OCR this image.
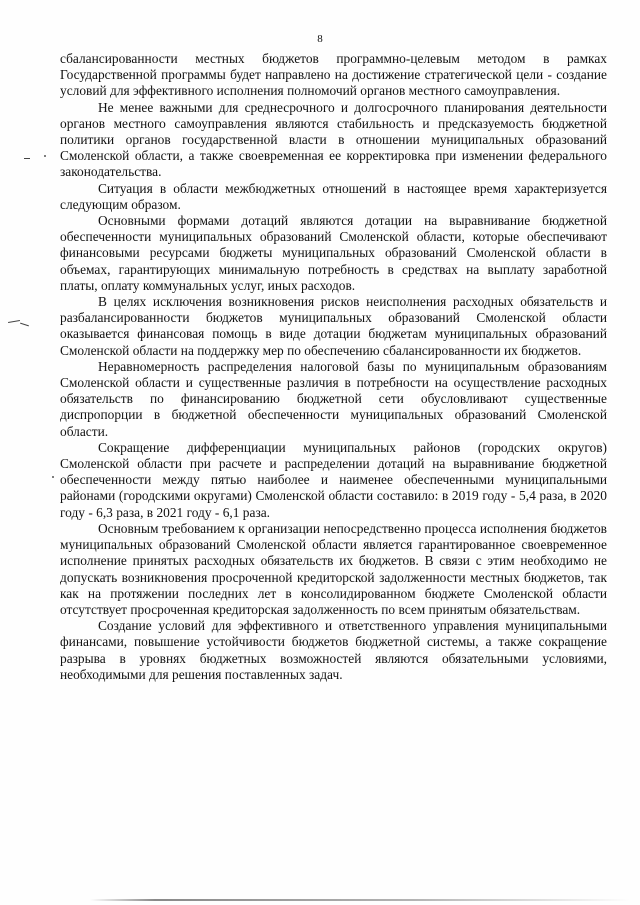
8

сбалансированности местных бюджетов программно-целевым методом в рамках Государственной программы будет направлено на достижение стратегической цели - создание условий для эффективного исполнения полномочий органов местного самоуправления.

Не менее важными для среднесрочного и долгосрочного планирования деятельности органов местного самоуправления являются стабильность и предсказуемость бюджетной политики органов государственной власти в отношении муниципальных образований Смоленской области, а также своевременная ее корректировка при изменении федерального законодательства.

Ситуация в области межбюджетных отношений в настоящее время характеризуется следующим образом.

Основными формами дотаций являются дотации на выравнивание бюджетной обеспеченности муниципальных образований Смоленской области, которые обеспечивают финансовыми ресурсами бюджеты муниципальных образований Смоленской области в объемах, гарантирующих минимальную потребность в средствах на выплату заработной платы, оплату коммунальных услуг, иных расходов.

В целях исключения возникновения рисков неисполнения расходных обязательств и разбалансированности бюджетов муниципальных образований Смоленской области оказывается финансовая помощь в виде дотации бюджетам муниципальных образований Смоленской области на поддержку мер по обеспечению сбалансированности их бюджетов.

Неравномерность распределения налоговой базы по муниципальным образованиям Смоленской области и существенные различия в потребности на осуществление расходных обязательств по финансированию бюджетной сети обусловливают существенные диспропорции в бюджетной обеспеченности муниципальных образований Смоленской области.

Сокращение дифференциации муниципальных районов (городских округов) Смоленской области при расчете и распределении дотаций на выравнивание бюджетной обеспеченности между пятью наиболее и наименее обеспеченными муниципальными районами (городскими округами) Смоленской области составило: в 2019 году - 5,4 раза, в 2020 году - 6,3 раза, в 2021 году - 6,1 раза.

Основным требованием к организации непосредственно процесса исполнения бюджетов муниципальных образований Смоленской области является гарантированное своевременное исполнение принятых расходных обязательств их бюджетов. В связи с этим необходимо не допускать возникновения просроченной кредиторской задолженности местных бюджетов, так как на протяжении последних лет в консолидированном бюджете Смоленской области отсутствует просроченная кредиторская задолженность по всем принятым обязательствам.

Создание условий для эффективного и ответственного управления муниципальными финансами, повышение устойчивости бюджетов бюджетной системы, а также сокращение разрыва в уровнях бюджетных возможностей являются обязательными условиями, необходимыми для решения поставленных задач.
